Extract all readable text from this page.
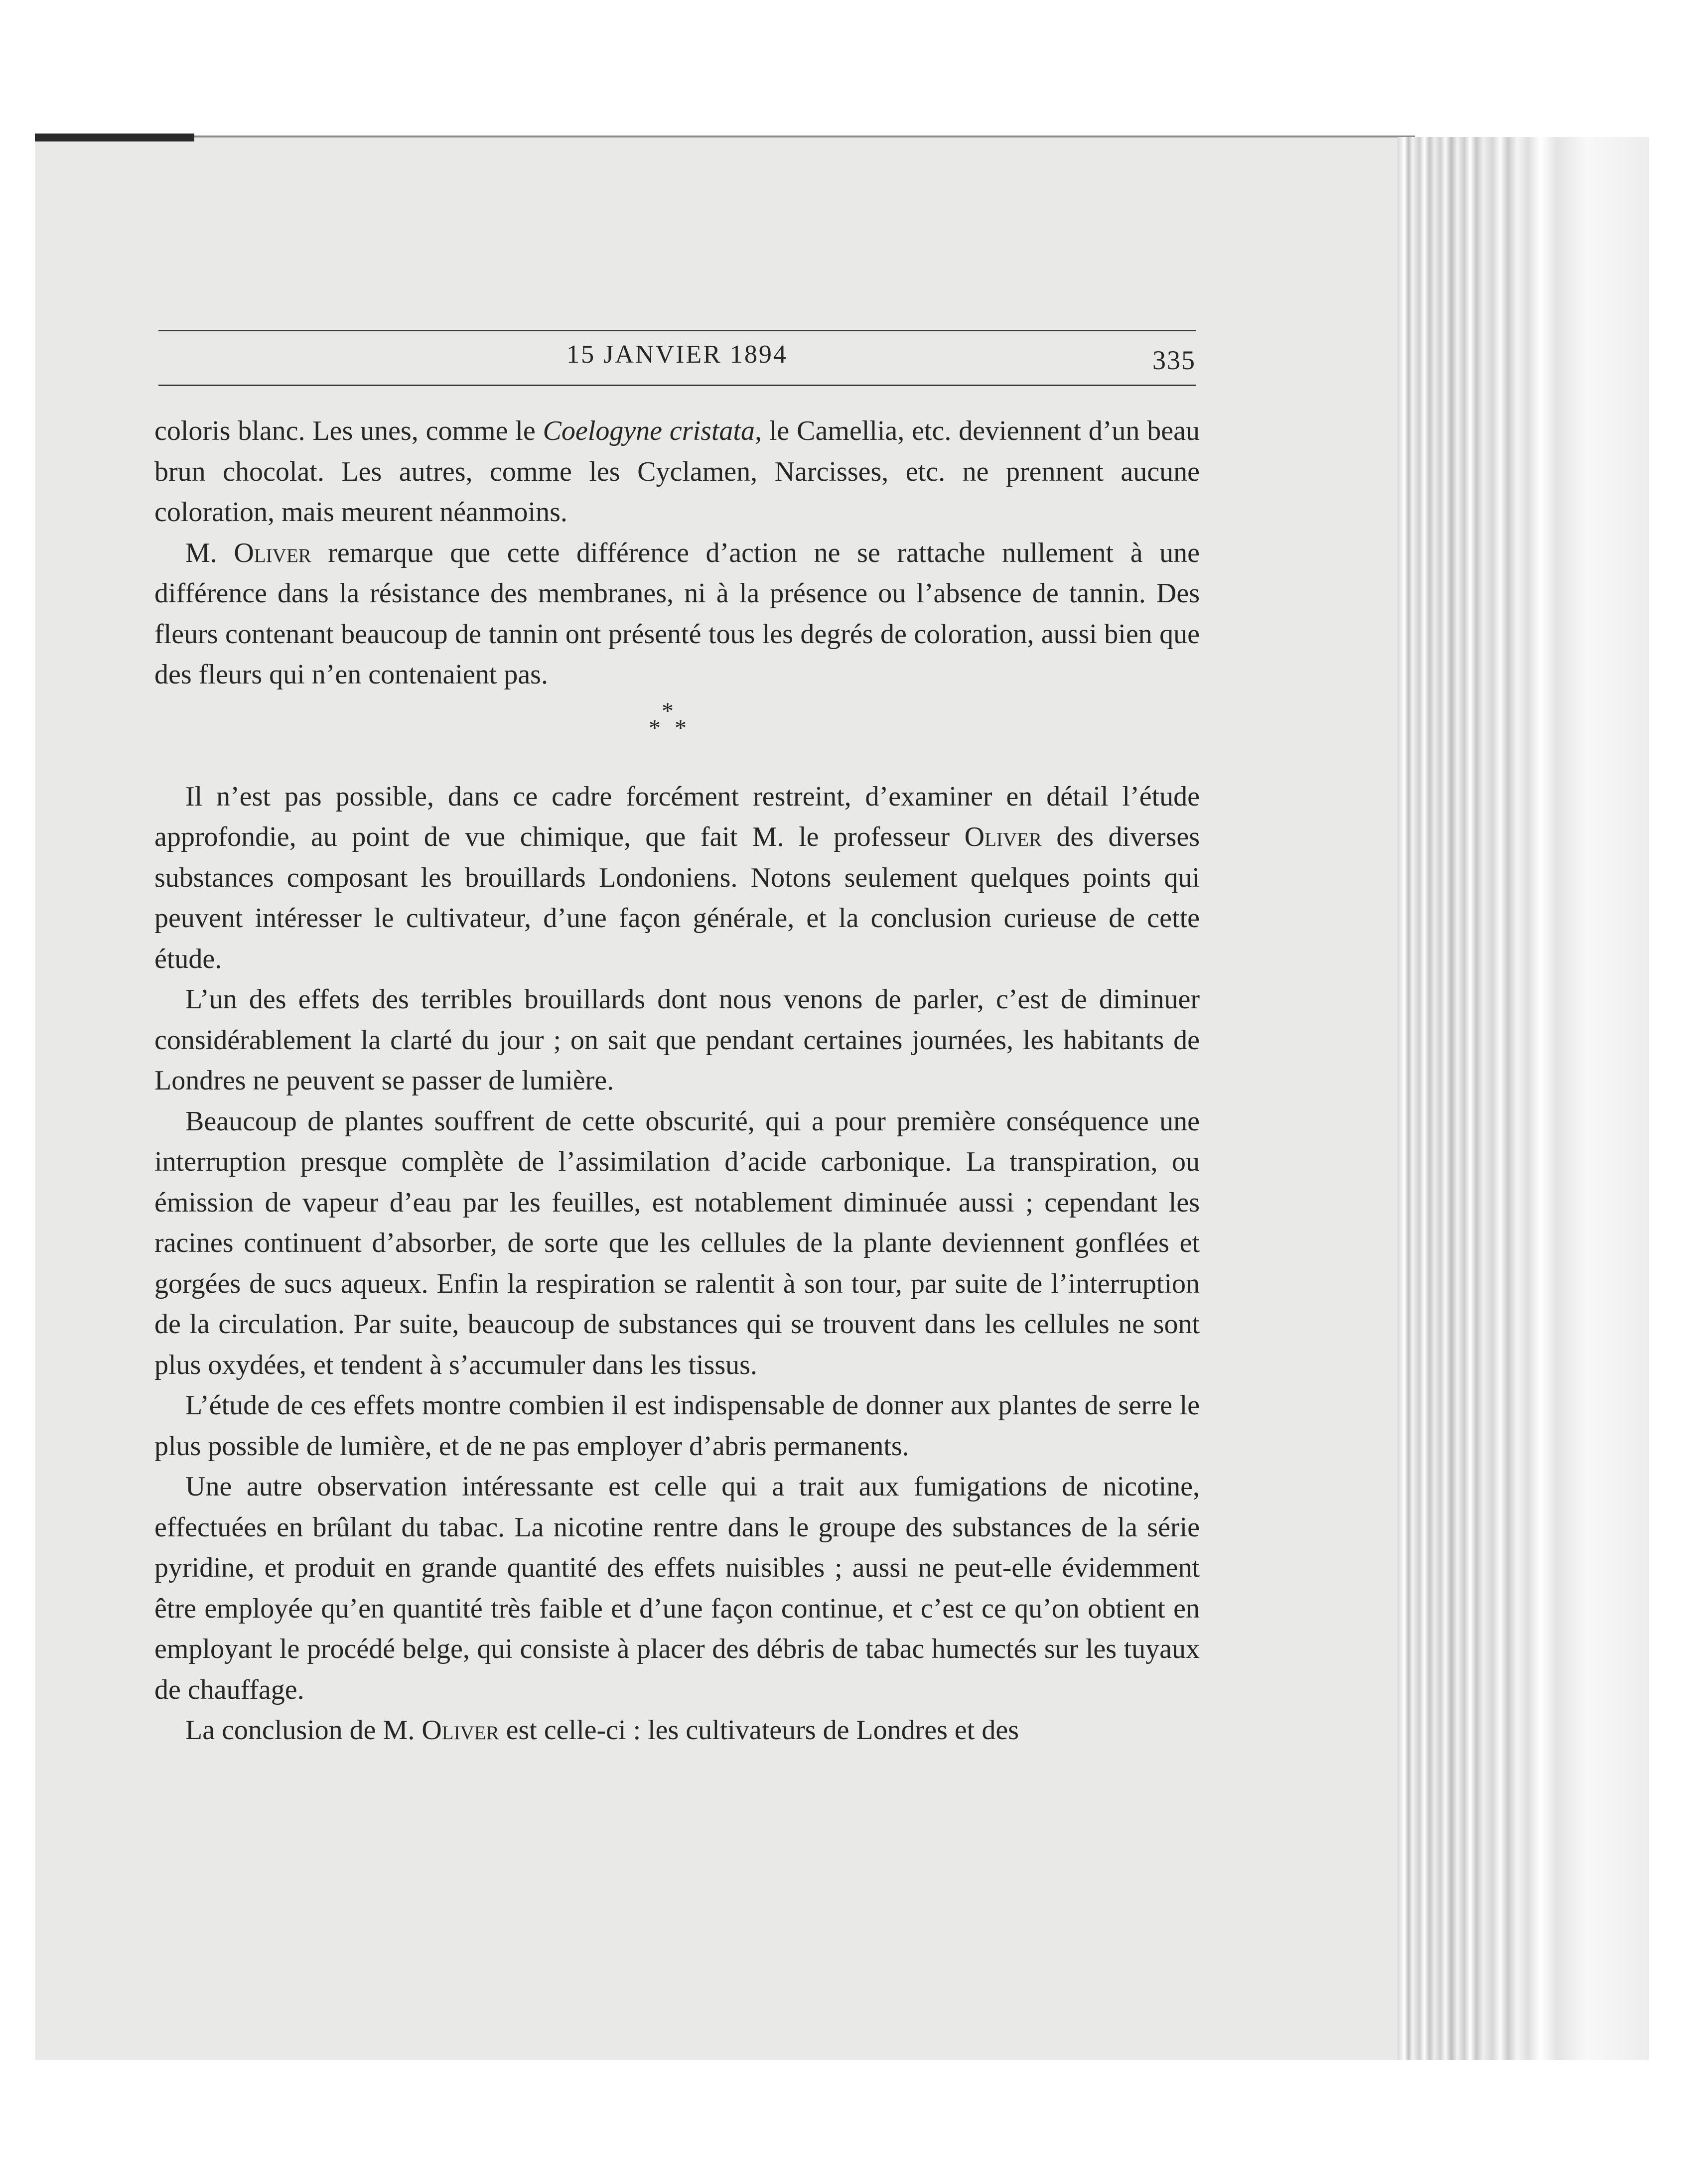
15 JANVIER 1894	335

coloris blanc. Les unes, comme le Coelogyne cristata, le Camellia, etc. deviennent d’un beau brun chocolat. Les autres, comme les Cyclamen, Narcisses, etc. ne prennent aucune coloration, mais meurent néanmoins.

M. Oliver remarque que cette différence d’action ne se rattache nullement à une différence dans la résistance des membranes, ni à la présence ou l’absence de tannin. Des fleurs contenant beaucoup de tannin ont présenté tous les degrés de coloration, aussi bien que des fleurs qui n’en contenaient pas.

*
* *

Il n’est pas possible, dans ce cadre forcément restreint, d’examiner en détail l’étude approfondie, au point de vue chimique, que fait M. le professeur Oliver des diverses substances composant les brouillards Londoniens. Notons seulement quelques points qui peuvent intéresser le cultivateur, d’une façon générale, et la conclusion curieuse de cette étude.

L’un des effets des terribles brouillards dont nous venons de parler, c’est de diminuer considérablement la clarté du jour ; on sait que pendant certaines journées, les habitants de Londres ne peuvent se passer de lumière.

Beaucoup de plantes souffrent de cette obscurité, qui a pour première conséquence une interruption presque complète de l’assimilation d’acide carbonique. La transpiration, ou émission de vapeur d’eau par les feuilles, est notablement diminuée aussi ; cependant les racines continuent d’absorber, de sorte que les cellules de la plante deviennent gonflées et gorgées de sucs aqueux. Enfin la respiration se ralentit à son tour, par suite de l’interruption de la circulation. Par suite, beaucoup de substances qui se trouvent dans les cellules ne sont plus oxydées, et tendent à s’accumuler dans les tissus.

L’étude de ces effets montre combien il est indispensable de donner aux plantes de serre le plus possible de lumière, et de ne pas employer d’abris permanents.

Une autre observation intéressante est celle qui a trait aux fumigations de nicotine, effectuées en brûlant du tabac. La nicotine rentre dans le groupe des substances de la série pyridine, et produit en grande quantité des effets nuisibles ; aussi ne peut-elle évidemment être employée qu’en quantité très faible et d’une façon continue, et c’est ce qu’on obtient en employant le procédé belge, qui consiste à placer des débris de tabac humectés sur les tuyaux de chauffage.

La conclusion de M. Oliver est celle-ci : les cultivateurs de Londres et des
